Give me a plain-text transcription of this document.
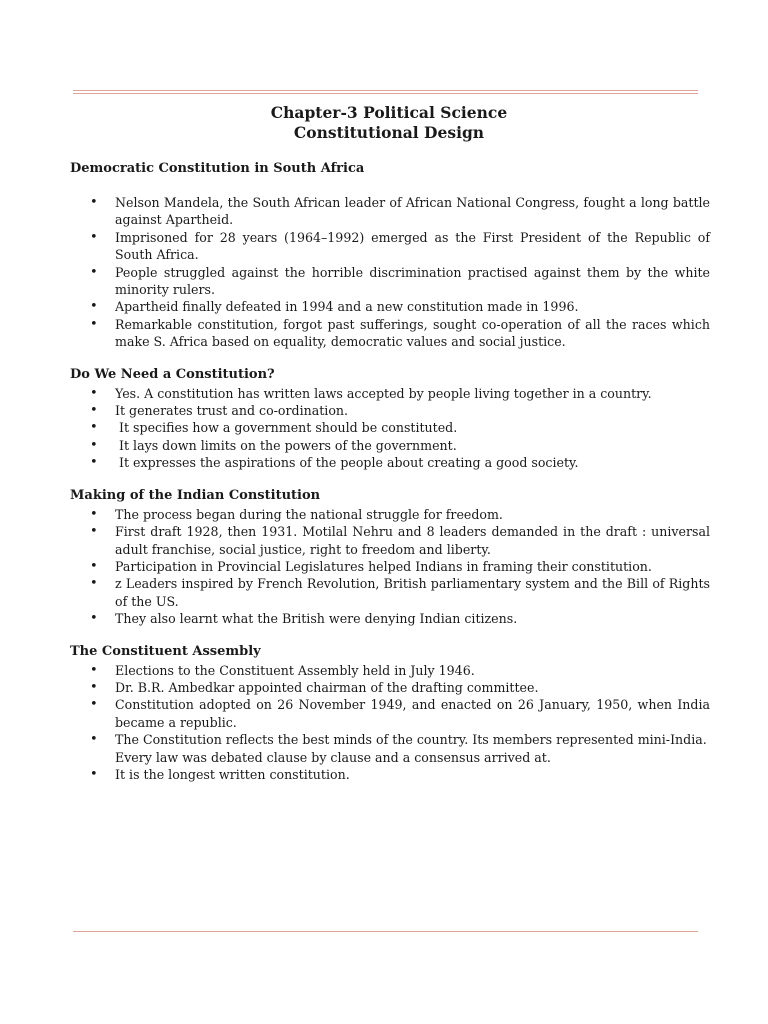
Chapter-3 Political Science
Constitutional Design

Democratic Constitution in South Africa

• Nelson Mandela, the South African leader of African National Congress, fought a long battle against Apartheid.
• Imprisoned for 28 years (1964–1992) emerged as the First President of the Republic of South Africa.
• People struggled against the horrible discrimination practised against them by the white minority rulers.
• Apartheid finally defeated in 1994 and a new constitution made in 1996.
• Remarkable constitution, forgot past sufferings, sought co-operation of all the races which make S. Africa based on equality, democratic values and social justice.

Do We Need a Constitution?

• Yes. A constitution has written laws accepted by people living together in a country.
• It generates trust and co-ordination.
• It specifies how a government should be constituted.
• It lays down limits on the powers of the government.
• It expresses the aspirations of the people about creating a good society.

Making of the Indian Constitution

• The process began during the national struggle for freedom.
• First draft 1928, then 1931. Motilal Nehru and 8 leaders demanded in the draft : universal adult franchise, social justice, right to freedom and liberty.
• Participation in Provincial Legislatures helped Indians in framing their constitution.
• z Leaders inspired by French Revolution, British parliamentary system and the Bill of Rights of the US.
• They also learnt what the British were denying Indian citizens.

The Constituent Assembly

• Elections to the Constituent Assembly held in July 1946.
• Dr. B.R. Ambedkar appointed chairman of the drafting committee.
• Constitution adopted on 26 November 1949, and enacted on 26 January, 1950, when India became a republic.
• The Constitution reflects the best minds of the country. Its members represented mini-India.
Every law was debated clause by clause and a consensus arrived at.
• It is the longest written constitution.
